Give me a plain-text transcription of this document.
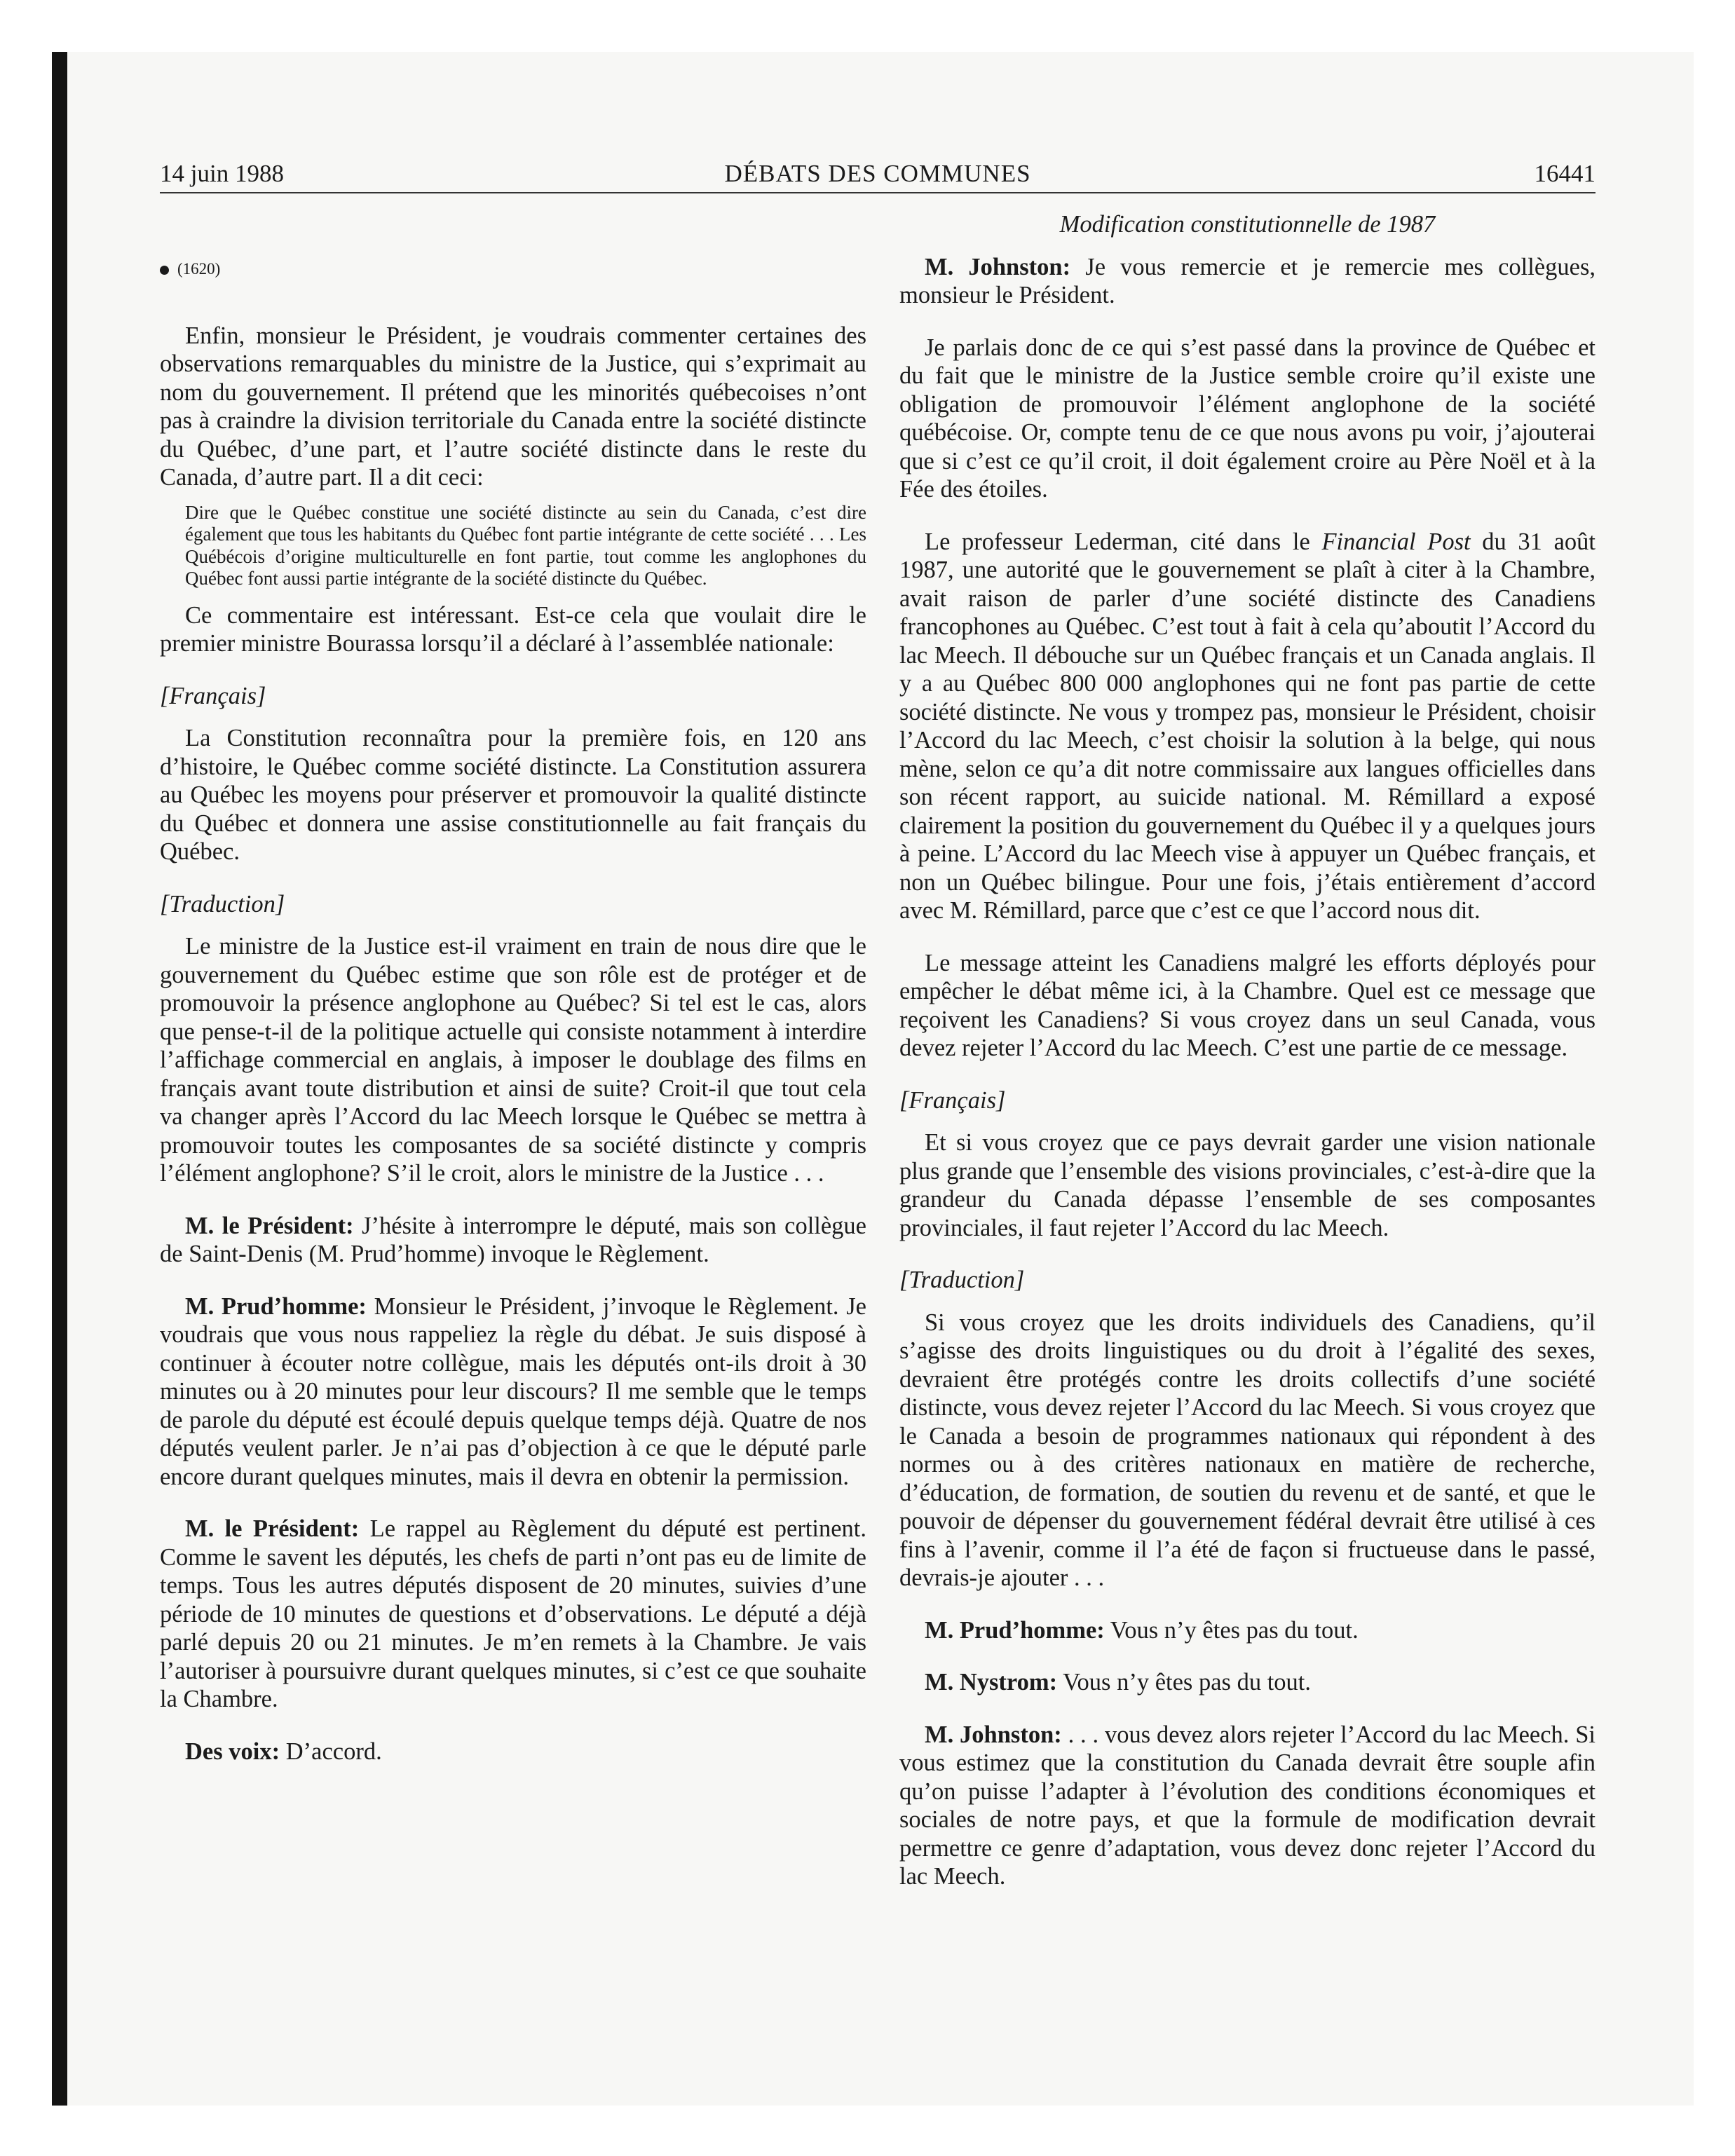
14 juin 1988	DÉBATS DES COMMUNES	16441
(1620)

Enfin, monsieur le Président, je voudrais commenter certaines des observations remarquables du ministre de la Justice, qui s’exprimait au nom du gouvernement. Il prétend que les minorités québecoises n’ont pas à craindre la division territoriale du Canada entre la société distincte du Québec, d’une part, et l’autre société distincte dans le reste du Canada, d’autre part. Il a dit ceci:

Dire que le Québec constitue une société distincte au sein du Canada, c’est dire également que tous les habitants du Québec font partie intégrante de cette société . . . Les Québécois d’origine multiculturelle en font partie, tout comme les anglophones du Québec font aussi partie intégrante de la société distincte du Québec.

Ce commentaire est intéressant. Est-ce cela que voulait dire le premier ministre Bourassa lorsqu’il a déclaré à l’assemblée nationale:

[Français]

La Constitution reconnaîtra pour la première fois, en 120 ans d’histoire, le Québec comme société distincte. La Constitution assurera au Québec les moyens pour préserver et promouvoir la qualité distincte du Québec et donnera une assise constitutionnelle au fait français du Québec.

[Traduction]

Le ministre de la Justice est-il vraiment en train de nous dire que le gouvernement du Québec estime que son rôle est de protéger et de promouvoir la présence anglophone au Québec? Si tel est le cas, alors que pense-t-il de la politique actuelle qui consiste notamment à interdire l’affichage commercial en anglais, à imposer le doublage des films en français avant toute distribution et ainsi de suite? Croit-il que tout cela va changer après l’Accord du lac Meech lorsque le Québec se mettra à promouvoir toutes les composantes de sa société distincte y compris l’élément anglophone? S’il le croit, alors le ministre de la Justice . . .

M. le Président: J’hésite à interrompre le député, mais son collègue de Saint-Denis (M. Prud’homme) invoque le Règlement.

M. Prud’homme: Monsieur le Président, j’invoque le Règlement. Je voudrais que vous nous rappeliez la règle du débat. Je suis disposé à continuer à écouter notre collègue, mais les députés ont-ils droit à 30 minutes ou à 20 minutes pour leur discours? Il me semble que le temps de parole du député est écoulé depuis quelque temps déjà. Quatre de nos députés veulent parler. Je n’ai pas d’objection à ce que le député parle encore durant quelques minutes, mais il devra en obtenir la permission.

M. le Président: Le rappel au Règlement du député est pertinent. Comme le savent les députés, les chefs de parti n’ont pas eu de limite de temps. Tous les autres députés disposent de 20 minutes, suivies d’une période de 10 minutes de questions et d’observations. Le député a déjà parlé depuis 20 ou 21 minutes. Je m’en remets à la Chambre. Je vais l’autoriser à poursuivre durant quelques minutes, si c’est ce que souhaite la Chambre.

Des voix: D’accord.

Modification constitutionnelle de 1987

M. Johnston: Je vous remercie et je remercie mes collègues, monsieur le Président.

Je parlais donc de ce qui s’est passé dans la province de Québec et du fait que le ministre de la Justice semble croire qu’il existe une obligation de promouvoir l’élément anglophone de la société québécoise. Or, compte tenu de ce que nous avons pu voir, j’ajouterai que si c’est ce qu’il croit, il doit également croire au Père Noël et à la Fée des étoiles.

Le professeur Lederman, cité dans le Financial Post du 31 août 1987, une autorité que le gouvernement se plaît à citer à la Chambre, avait raison de parler d’une société distincte des Canadiens francophones au Québec. C’est tout à fait à cela qu’aboutit l’Accord du lac Meech. Il débouche sur un Québec français et un Canada anglais. Il y a au Québec 800 000 anglophones qui ne font pas partie de cette société distincte. Ne vous y trompez pas, monsieur le Président, choisir l’Accord du lac Meech, c’est choisir la solution à la belge, qui nous mène, selon ce qu’a dit notre commissaire aux langues officielles dans son récent rapport, au suicide national. M. Rémillard a exposé clairement la position du gouvernement du Québec il y a quelques jours à peine. L’Accord du lac Meech vise à appuyer un Québec français, et non un Québec bilingue. Pour une fois, j’étais entièrement d’accord avec M. Rémillard, parce que c’est ce que l’accord nous dit.

Le message atteint les Canadiens malgré les efforts déployés pour empêcher le débat même ici, à la Chambre. Quel est ce message que reçoivent les Canadiens? Si vous croyez dans un seul Canada, vous devez rejeter l’Accord du lac Meech. C’est une partie de ce message.

[Français]

Et si vous croyez que ce pays devrait garder une vision nationale plus grande que l’ensemble des visions provinciales, c’est-à-dire que la grandeur du Canada dépasse l’ensemble de ses composantes provinciales, il faut rejeter l’Accord du lac Meech.

[Traduction]

Si vous croyez que les droits individuels des Canadiens, qu’il s’agisse des droits linguistiques ou du droit à l’égalité des sexes, devraient être protégés contre les droits collectifs d’une société distincte, vous devez rejeter l’Accord du lac Meech. Si vous croyez que le Canada a besoin de programmes nationaux qui répondent à des normes ou à des critères nationaux en matière de recherche, d’éducation, de formation, de soutien du revenu et de santé, et que le pouvoir de dépenser du gouvernement fédéral devrait être utilisé à ces fins à l’avenir, comme il l’a été de façon si fructueuse dans le passé, devrais-je ajouter . . .

M. Prud’homme: Vous n’y êtes pas du tout.

M. Nystrom: Vous n’y êtes pas du tout.

M. Johnston: . . . vous devez alors rejeter l’Accord du lac Meech. Si vous estimez que la constitution du Canada devrait être souple afin qu’on puisse l’adapter à l’évolution des conditions économiques et sociales de notre pays, et que la formule de modification devrait permettre ce genre d’adaptation, vous devez donc rejeter l’Accord du lac Meech.
